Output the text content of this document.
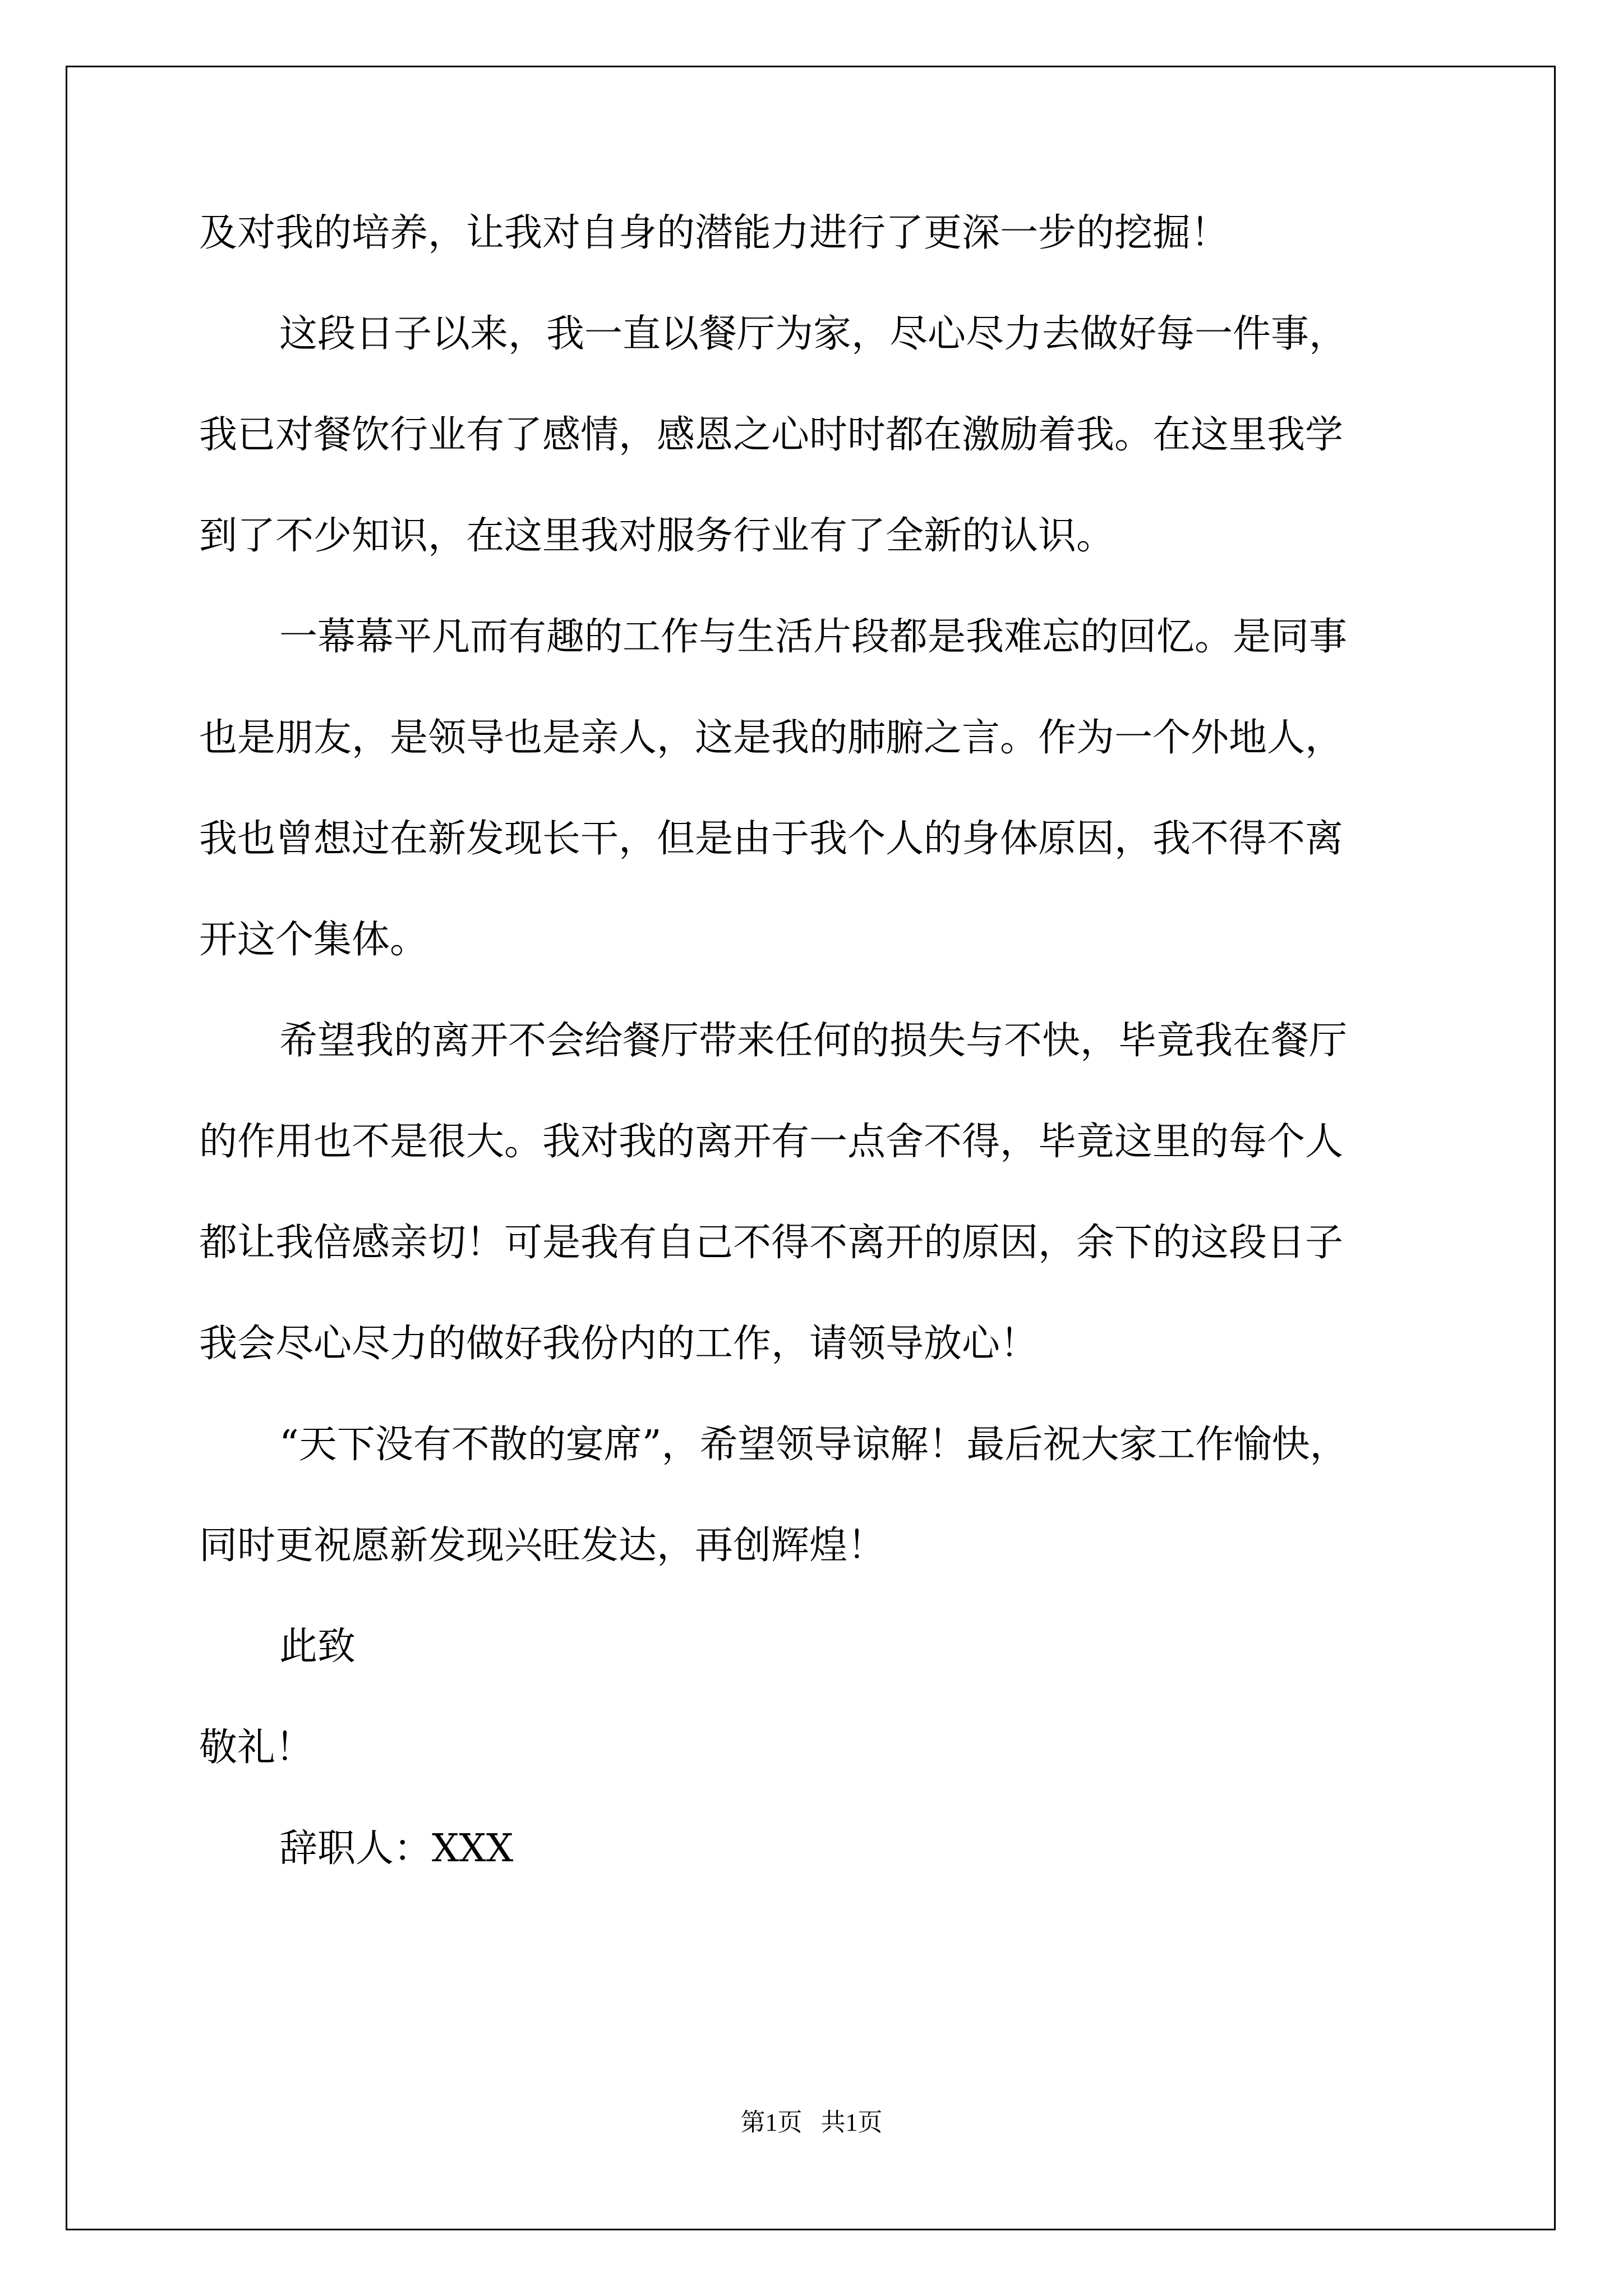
及对我的培养，让我对自身的潜能力进行了更深一步的挖掘！
这段日子以来，我一直以餐厅为家，尽心尽力去做好每一件事，
我已对餐饮行业有了感情，感恩之心时时都在激励着我。在这里我学
到了不少知识，在这里我对服务行业有了全新的认识。
一幕幕平凡而有趣的工作与生活片段都是我难忘的回忆。是同事
也是朋友，是领导也是亲人，这是我的肺腑之言。作为一个外地人，
我也曾想过在新发现长干，但是由于我个人的身体原因，我不得不离
开这个集体。
希望我的离开不会给餐厅带来任何的损失与不快，毕竟我在餐厅
的作用也不是很大。我对我的离开有一点舍不得，毕竟这里的每个人
都让我倍感亲切！可是我有自己不得不离开的原因，余下的这段日子
我会尽心尽力的做好我份内的工作，请领导放心！
“天下没有不散的宴席”，希望领导谅解！最后祝大家工作愉快，
同时更祝愿新发现兴旺发达，再创辉煌！
此致
敬礼！
辞职人：XXX
第1页   共1页
